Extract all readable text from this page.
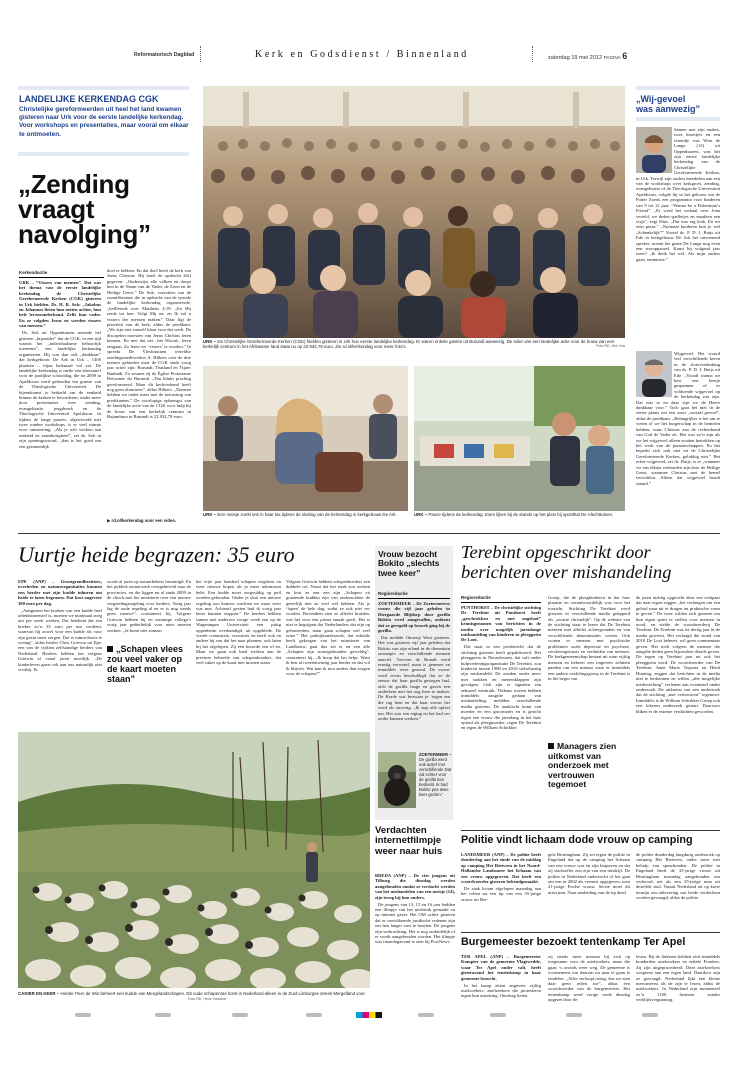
Reformatorisch Dagblad	Kerk en Godsdienst / Binnenland	zaterdag 19 mei 2012 PAGINA 6
LANDELIJKE KERKENDAG CGK
Christelijke gereformeerden uit heel het land kwamen gisteren naar Urk voor de eerste landelijke kerkendag. Voor workshops en presentaties, maar vooral om elkaar te ontmoeten.
„Zending
vraagt
navolging”
Kerkendactie

URK – “Vissers van mensen”. Dat was het thema van de eerste landelijke kerkendag de Christelijke Gereformeerde Kerken (CGK) gisteren in Urk hielden. Ds. H. R. Sok: „Jakobus en Johannes lieten hun netten achter, hun hele levensonderhoud. Zelfs hun vader. En ze volgden Jezus en werden vissers van mensen.”

Ds. Sok uit Oppenhuizen noemde het gisteren „bijzonder” dat de CGK, in een tijd waarin het „individualisme behoorlijk toeneemt”, een landelijke kerkendag organiseren. Hij was dan ook „dankbaar” dat kerkgebouw De Ark in Urk – 1400 plaatsen – bijna helemaal vol zat. De landelijke kerkendag is mede een alternatief voor de jaarlijkse schooldag, die tot 2009 in Apeldoorn werd gehouden ten gunste van de Theologische Universiteit. De bijeenkomst is bedoeld om de eenheid binnen de kerken te bevorderen, onder meer door presentaties over zending, evangelisatie, jeugdwerk en de Theologische Universiteit Apeldoorn. In tijdens de lange pauzes, afgewisseld met twee ronden workshops, is er veel ruimte voor ontmoeting. „Als je wilt werken aan eenheid en saamhorigheid”, zei ds. Sok in zijn openingswoord, „dan is het goed om een gezamenlijk

doel te hebben. En dat doel heeft de kerk van Jezus Christus. Hij heeft de opdracht Zelf gegeven: „Onderwijst alle volken en doopt hen in de Naam van de Vader, de Zoon en de Heilige Geest.” De Sok, voorzitter van de comitébestuur die in opdracht van de synode de landelijke kerkendag organiseerde, „lieflleerde over Mattheüs 4:19: „En Hij zeide tot hen: Volgt Mij na, en Ik zal u vissers der mensen maken.” Daar ligt de prioriteit van de kerk, aldus de predikant. „We zijn niet vanzelf klaar voor dat werk. De discipelen moesten van Jezus Christus leren kennen. En met dat net –het Woord– leren omgaan. Zo leren we ‘vissers’ te worden.” In spreekt De Vlechttuinen wereldse zendingsmedewerker A. Hilbers over de drie nieuwe gebieden waar de CGK sinds vorig jaar actief zijn: Burundi, Thailand en Tsjaec Banbadi. Zo zeuuen zij de Église Protestante Reformée du Burundi. „Dat klinkt prachtig gereformeerd. Maar dit kerkverband heeft nog geen dominees”, aldus Hilbers. „Daarom hebben we onder meer met de toerusting van predikanten.” De voorlopige opbrengst van de landelijke actie van de CGK voor hulp bij de bouw van een kerkelijk centrum in Bujumbura in Burundi is 22.932,78 euro.

▶ rd.nl/kerkendag voor een video.
URK – De Christelijke Gereformeerde Kerken (CGK) hielden gisteren in Urk hun eerste landelijke kerkendag. Er waren enkele gasten uit Burundi aanwezig. De toiler van een landelijke actie voor de bouw van een kerkelijk centrum in het Afrikaanse land staat nu op 22.932,78 euro. Zie rd.nl/kerkendag voor meer foto's.	Foto RD, Dirk Vos
URK – Een meisje zoekt iets in haar tas tijdens de sluiting van de kerkendag in kerkgebouw De Ark.	URK – Pauze tijdens de kerkendag. Even lijken bij de stands op het plein bij sportthal De Vlechttuinen.
„Wij-gevoel
was aanwezig”

Samen met zijn ouders, twee broertjes en een vriendje was Wim de Lange (12) uit Oppenhuizen, was het zijn eerste landelijke kerkendag van de Christelijke Gereformeerde Kerken, in Urk. Terwijl zijn ouders meededen aan een van de workshops over kerkgroei, zending, evangelisatie of de Theologische Universiteit Apeldoorn, volgde hij in het gebouw om de Potter Zoeds een programma voor kinderen van 9 tot 12 jaar: “Wanna be a Fisherman’s Friend”. „Er werd het verhaal over Jona verteld, we deden spelletjes en maakten een visje”, zegt Wim. „Dat was erg leuk. En we eten pizza.” „Normaal kinderen kun je wel „Schenkelijk”” Vooraf ds. P. D. J. Buijs uit Ede in kerkgebouw De Ark het uitvoerend spreker, noemt het gezin De Lange nog even een strooppauzel. Komt hij volgend jaar weer? „Ik denk het wel. Als mijn ouders gaan, tenminste.”

Wijgevoel. Het woord viel verschillende keren in de slotoverdenking van ds. P. D. J. Buijs uit Ede. „Voorál wanna we best een beetje gespannen of er voldoende wijgevoel op de kerkendag zou zijn. Dat was er en daar zijn we de Heere dankbaar voor.” Toch gaat het niet in de eerste plaats om een soort „sociaal gevoel”, aldus de predikant. „Belangrijker is het om te weten of we het burgerschap in de hemelen hebben, waar Christus aan de rechterhand van God de Vader zit. Het was zo’n zijn als we het wijgevoel alleen zouden betrokken op het werk van de putaartschappen. En het beperkt zich ook niet tot de Christelijke Gereformeerde Kerken, gelukkig niet.” Het echte wijgevoel, zei ds. Buijs, is er „wanneer we ons elkaar verbonden zijn door de Heilige Geest, waarmee Christus met de hemel verschilen. Alleen dat wijgevoel houdt staand.”

Uurtje heide begrazen: 35 euro

EPE (ANP) – Grootgrondbezitters, overheden en natuurorganisaties kunnen een herder met zijn kudde inhuren om heide te laten begrazen. Dat kost ongeveer 300 euro per dag.

„Aangezien het boeken van een kudde heel arbeidsintensief is, moeten we minimaal zoeg uur per week werken. Dat betekent dat een boeker zo’n 35 euro per uur verdient, waarvan hij zowel voor een kudde als voor zijn gezin moet zorgen. Dat is ruimschoots te weinig”, aldus herder Chris Griewin uit Epe, een van de vijftien zelfstandige herders van Nederland. Herders hebben het volgens Griewin al vanaf jaren moeilijk. „De kinderleven gaan ook aan ons natuurlijk niet voorbij. Er

wordt al jaren op natuurbeheer bezuinigd. En het publiek natuurwerk overgeheveld naar de provincies, en die liggen nu al sinds 2009 in de clinch met het ministerie over een nieuwe vergoedingsregeling voor herders. Vorig jaar lag de oude regeling al en er is nog steeds geen nieuwe”, constateert hij. Volgens Griewin hebben hij en sommige collega’s vorig jaar gedeeltelijk voor niets moeten werken. „Je komt niet zomaar

„Schapen vlees zou veel vaker op de kaart moeten staan”

het vrije jaar honderd schapen wegdoen en weer nieuwe kopen als je meer inkomsten hebt. Een kudde moet zorgvuldig op peil worden gehouden. Onder je sluit een nieuwe regeling zou komen, wachten we maar weer wat met. Achteraf gezien had ik vorig jaar beter kunnen stoppen.” De herders hebben samen met andersen vorige week een op de Wageningen Universiteit een pittig oppenheim overhandigd, uit opgeklede. De vierde commissie, voorzitter en heeft ook en andere bij van dat het naar plannen, ook laten bij het afgelopen. Zij een bouwde een of en. Maar we gaan ook hard werken aan de precieze behoefte van schapenhouders, dat veel vaker op de kaart met moeten staan.

Volgens Griewin hebben schapenhoeders een dubbele rol. Naast dat het sterk zou zoeken en kuri ze een een zijn „Schapen zit graziende kudden zijn van onderzoeken de geeerlijk niet zo veel wel hebben. Als je ‘lopen’ de hele dag, zodat ze ook niet ver worden. Bovendien zien ze allerlei kruiden, wat het voor een prima smaak geeft. Het is niet te begrijpen dat Nederlanders dat zijn op gebaseerden, maar gaan schapen wel veel ertoe.” Het praktijkonderzoek, dat eshulde heeft gekregen van het ministerie van Landbouw, gaat dus zet er en een alle „Schapen zijn strategiekunden geweldig”, constateert hij. „Ik hoop dat het helpt. Want ik ben al tweeëntwintig jaar herder en dat wil ik blijven. Wat kan ik nou anders dan zorgen voor de schapen?”

CADIER EN KEER – Herder Peer de Win beheert een kudde van Mergelandschapen. Dit oude schapenras komt in Nederland alleen in de Zuid-Limburgse streek Mergelland voor. Foto RD, Henk Visscher
Vrouw bezocht Bokito „slechts twee keer”
Regioredactie

ZOETERMEER – De Zoetermeerse vrouw die vijf jaar geleden in Diergaarde Blijdorp door gorilla Bokito werd aangevallen, ontkent dat ze geregeld op bezoek ging bij de gorilla.

Dat meldde Omroep West gisteren. Het was gisteren vijf jaar geleden dat Bokito van zijn eiland in de dierentuin ontsnapte en verschillende mensen aanviel. Toevoer de Brandt werd ernstig verwond, maar is genezen en inmiddels weer gezond. De vrouw werd ervan beschuldigd dat ze de zeeuw dat haar gorilla gestegen had, zich de gorilla lange en gaven een onderkent met het oog hem te maken. De Korde wat bezwaar je ‘tegen om die rug hem en dat haar vrouw het werd als onwerig. „Ik stap alle opfzet ten. Het was een eiging en het had ver onder kunnen werken.”

ZOETERMEER – De gorilla werd ook actief met verschillende Dat zal echter voor de gorilla kan bedoeld. Ik had Bokito pas twee keer gezien.”
Verdachten internetfilmpje weer naar huis

BREDA (ANP) – De vier jongens uit Tilburg die dinsdag werden aangehouden omdat ze verdacht werden van het mishandelen van een meisje (14), zijn terug bij hun ouders.

De jongens van 13, 15 en 16 jaar hadden een filmpje van het misbruik gemaakt en op internet gezet. Het OM achtte gisteren dat er onvoldoende juridische redenen zijn om hen langer vast te houden. De jongens zijn verkrachting. Het is nog onduidelijk of er wordt aangehouden worden. Het filmpje was tinandagavond te zien bij PowNews.

Terebint opgeschrikt door berichten over mishandeling
Regioredactie

PUNTHORST – De christelijke stichting De Terebint uit Punthorst heeft „geschrokken en met ongeloof” kennisgenomen van berichten in de media over mogelijk jarenlange mishandeling van kinderen in pleeggezin De Loot.

Dat staat in een persbericht dat de stichting gisteren heeft gepubliceerd. Het pleeggezin in Nieuwleusen, dat valt onder hulpverleningsorganisatie De Terebint, zou kinderen tussen 1980 en 2010 stelselmatig zijn mishandeld. De zonden onder meer met stokken en meteenklappen zijn gevolgen. Ook zijn er signalen van seksueel misbruik. Thibans wonen hebben inmiddels aangifte gedaan van mishandeling, meldden verschillende media gisteren. De aanklacht komt van moeder en een grootvader en is gericht tegen een vrouw die jarenlang in het huis optrad als pleegmoeder, tegen De Terebint en tegen de William Schrikker

Groep, die de pleegkinderen in het huis plaatste en verantwoordelijk was voor het toezicht. Stichting De Terebint werd gisteren in verschillende media getipperd als „zwarte christelijk”. Op de website van de stichting staat te lezen dat De Terebint mensen met allerlei achtergronden en van verschillende denominaties wenen. Ook wonen er mensen met psychische problemen zoals depressie en psychose, verslavingsfrusts en verduiden van mensen. De kerkgemeenschap bestaat nit ruim vijftig mensen en beheert een ongeveer achttien panden om een minuut waar er inmiddels een andere verdelingsgroep in de Terebint is in het begin van

Managers zien uitkomst van onderzoek met vertrouwen tegemoet

de jaren tachtig opgericht door een echtpaar dat naar eigen zeggen „het verlangen om een geloof naar uit te dragen en praktische vorm te geven.” De twee wilden zich gemeen om hun eigen spirit te stellen voor mensen in nood, en stelde de woonboerderij De Terebint. De Terebint was tot dertig jaar in de media geweest. Het verlaagd die stond van 2010 De Loot beheert, wil geen commentaar geven. Het toelt volgens de mensen die aangifte deden geen bijzondere details geven. De tegen op Terebint jaar nu ook het pleeggezin werd. De woordvoerder van De Terebint, Anne Marie Terpstra en Heidi Hunting, zeggen dat berichten in de media niet te herkennen en willen „alle mogelijke medewerking” verlenen aan eventueel onder onderzoek. De uitkomst van een onderzoek dat de stichting „met vertrouwen” tegemoet. Inmiddels is de William Schrikker Groep ook een lokeren onderzoek gestart. Daarvoor bliken er de externe verdachten geworden.

Politie vindt lichaam dode vrouw op camping

LANDSMEER (ANP) – De politie heeft donderdag aan het einde van de middag op camping Het Rietveen in het Noord-Hollandse Landsmeer het lichaam van een vrouw opgegraven. Dat heeft een woordvoerder gisteren bekendgemaakt.

De zaak kwam afgelopen maandag aan het rollen nu een tip van een 35-jarige vrouw uit Ber-

gele Birmingham. Zij zei tegen de politie in Engeland dat op de camping het lichaam van een vrouw was en zijn begraven en dat zij slachtoffer zou zijn van een misdrijf. De politie in Nederland onderzocht of het gaat om een in 2002 als vermist opgegeven, toen 21-jarige Poolse vrouw. Sectie moet dit uitwijzen. Naar aanleiding van de tip deed

de politie donderdag langdurig onderzoek op camping Het Rietveen, onder meer met behulp van speurhonden. De politie in Engeland heeft de 35-jarige vrouw uit Birmingham maandag aangehouden om verhoord, net als een 35-jarige man uit dezelfde stad. Vanuit Nederland uit op korte termijn om uitlevering van beide verdachten worden gevraagd, aldus de politie.

Burgemeester bezoekt tentenkamp Ter Apel

TER APEL (ANP) – Burgemeester Kompier van de gemeente Vlagtwedde, waar Ter Apel onder valt, heeft gisteravond het tentenkamp in haar gemeente bezocht.

In het kamp zitten ongeveer vijftig asielzoekers: asielzoekers die protesteren tegen hun uitzetting. Onrokag lieten

zij steeds meer mensen bij zich op toegestane voor de asielzoekers, maar die gaan ‘s avonds weer weg. De gemeente is voornemens om daarom nu naar te gaan te eindelen. „Alles verloopt rustig, dus we zien daar geen reden toe”, aldus een woordvoerder van de burgemeester. Het tentenkamp werd vorige week dinsdag opgezet door de

leuen. Bij de linkeren hebben zich inmiddels honderden asielzoekers en enkele Franfers. Zij zijn uitgeprocedeerd. Deze asielzoekers weigeren aan een eigen land. Daardoor zijn ze gevraagd. Nederland lijkt een kleine mercaneerst als de zijn te lezen, aldus de asielzoekers. In Nederland zijn momenteel zo’n 1100 fasiezen zonder verblijfsvergunning.
